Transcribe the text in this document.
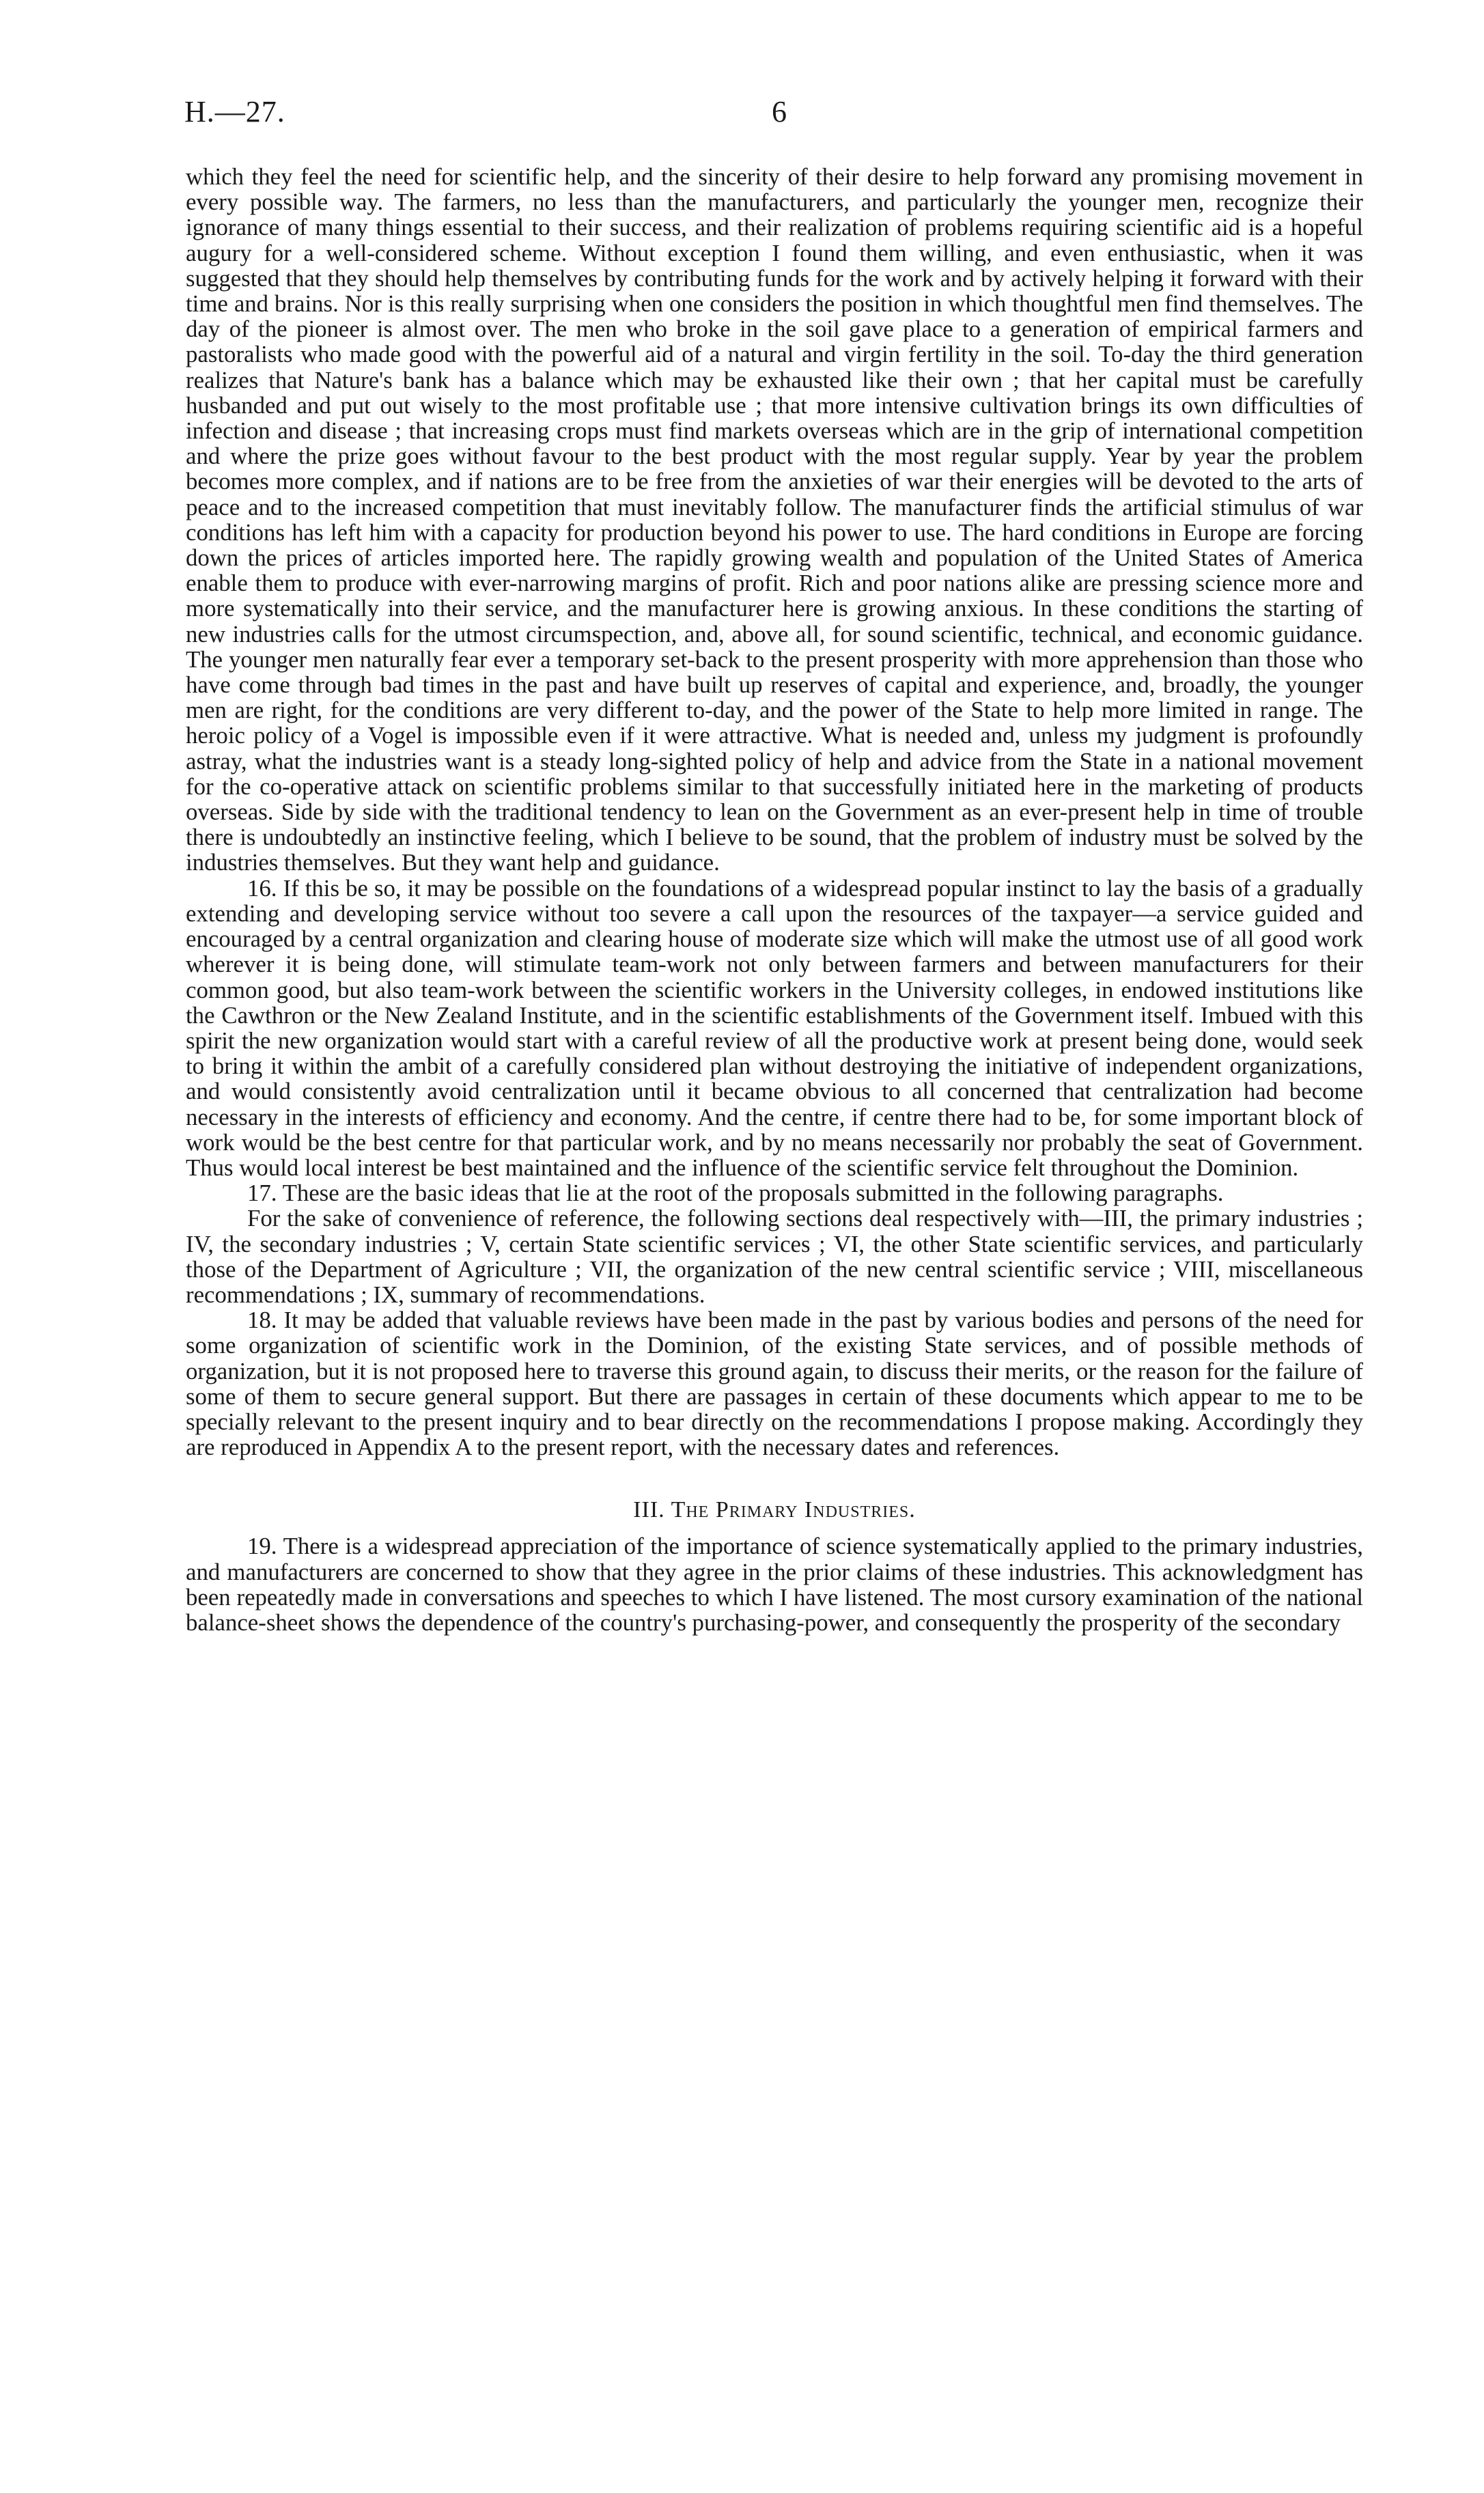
H.—27.	6

which they feel the need for scientific help, and the sincerity of their desire to help forward any promising movement in every possible way. The farmers, no less than the manufacturers, and particularly the younger men, recognize their ignorance of many things essential to their success, and their realization of problems requiring scientific aid is a hopeful augury for a well-considered scheme. Without exception I found them willing, and even enthusiastic, when it was suggested that they should help themselves by contributing funds for the work and by actively helping it forward with their time and brains. Nor is this really surprising when one considers the position in which thoughtful men find themselves. The day of the pioneer is almost over. The men who broke in the soil gave place to a generation of empirical farmers and pastoralists who made good with the powerful aid of a natural and virgin fertility in the soil. To-day the third generation realizes that Nature's bank has a balance which may be exhausted like their own ; that her capital must be carefully husbanded and put out wisely to the most profitable use ; that more intensive cultivation brings its own difficulties of infection and disease ; that increasing crops must find markets overseas which are in the grip of international competition and where the prize goes without favour to the best product with the most regular supply. Year by year the problem becomes more complex, and if nations are to be free from the anxieties of war their energies will be devoted to the arts of peace and to the increased competition that must inevitably follow. The manufacturer finds the artificial stimulus of war conditions has left him with a capacity for production beyond his power to use. The hard conditions in Europe are forcing down the prices of articles imported here. The rapidly growing wealth and population of the United States of America enable them to produce with ever-narrowing margins of profit. Rich and poor nations alike are pressing science more and more systematically into their service, and the manufacturer here is growing anxious. In these conditions the starting of new industries calls for the utmost circumspection, and, above all, for sound scientific, technical, and economic guidance. The younger men naturally fear ever a temporary set-back to the present prosperity with more apprehension than those who have come through bad times in the past and have built up reserves of capital and experience, and, broadly, the younger men are right, for the conditions are very different to-day, and the power of the State to help more limited in range. The heroic policy of a Vogel is impossible even if it were attractive. What is needed and, unless my judgment is profoundly astray, what the industries want is a steady long-sighted policy of help and advice from the State in a national movement for the co-operative attack on scientific problems similar to that successfully initiated here in the marketing of products overseas. Side by side with the traditional tendency to lean on the Government as an ever-present help in time of trouble there is undoubtedly an instinctive feeling, which I believe to be sound, that the problem of industry must be solved by the industries themselves. But they want help and guidance.

16. If this be so, it may be possible on the foundations of a widespread popular instinct to lay the basis of a gradually extending and developing service without too severe a call upon the resources of the taxpayer—a service guided and encouraged by a central organization and clearing house of moderate size which will make the utmost use of all good work wherever it is being done, will stimulate team-work not only between farmers and between manufacturers for their common good, but also team-work between the scientific workers in the University colleges, in endowed institutions like the Cawthron or the New Zealand Institute, and in the scientific establishments of the Government itself. Imbued with this spirit the new organization would start with a careful review of all the productive work at present being done, would seek to bring it within the ambit of a carefully considered plan without destroying the initiative of independent organizations, and would consistently avoid centralization until it became obvious to all concerned that centralization had become necessary in the interests of efficiency and economy. And the centre, if centre there had to be, for some important block of work would be the best centre for that particular work, and by no means necessarily nor probably the seat of Government. Thus would local interest be best maintained and the influence of the scientific service felt throughout the Dominion.

17. These are the basic ideas that lie at the root of the proposals submitted in the following paragraphs.

For the sake of convenience of reference, the following sections deal respectively with—III, the primary industries ; IV, the secondary industries ; V, certain State scientific services ; VI, the other State scientific services, and particularly those of the Department of Agriculture ; VII, the organization of the new central scientific service ; VIII, miscellaneous recommendations ; IX, summary of recommendations.

18. It may be added that valuable reviews have been made in the past by various bodies and persons of the need for some organization of scientific work in the Dominion, of the existing State services, and of possible methods of organization, but it is not proposed here to traverse this ground again, to discuss their merits, or the reason for the failure of some of them to secure general support. But there are passages in certain of these documents which appear to me to be specially relevant to the present inquiry and to bear directly on the recommendations I propose making. Accordingly they are reproduced in Appendix A to the present report, with the necessary dates and references.

III. The Primary Industries.

19. There is a widespread appreciation of the importance of science systematically applied to the primary industries, and manufacturers are concerned to show that they agree in the prior claims of these industries. This acknowledgment has been repeatedly made in conversations and speeches to which I have listened. The most cursory examination of the national balance-sheet shows the dependence of the country's purchasing-power, and consequently the prosperity of the secondary
